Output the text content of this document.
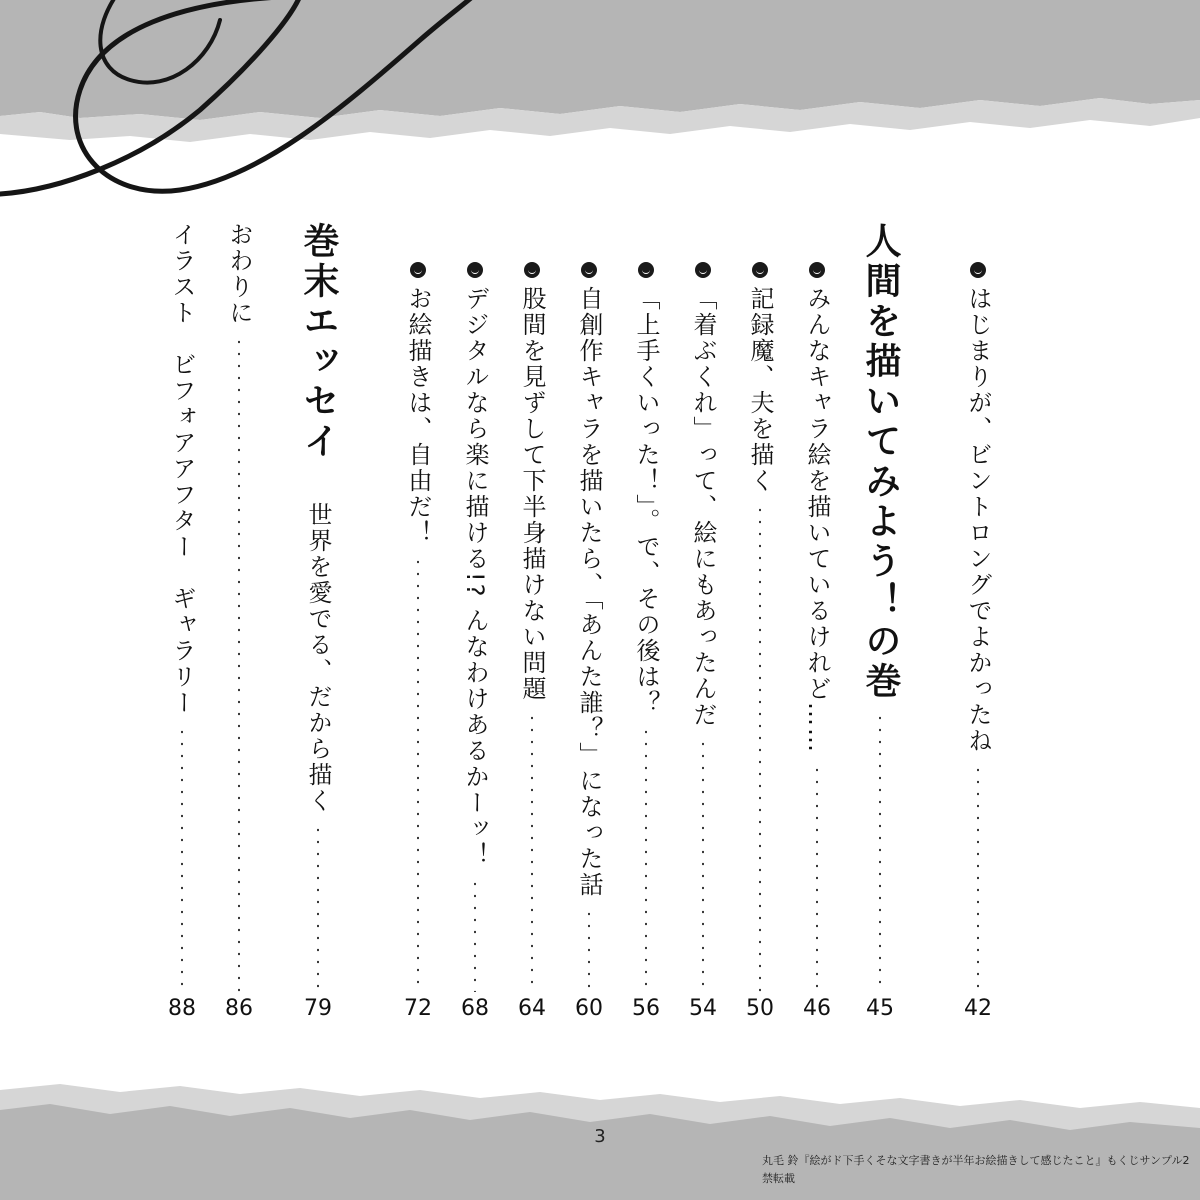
はじまりが、ビントロングでよかったね
42
人間を描いてみよう！の巻
45
みんなキャラ絵を描いているけれど……
46
記録魔、夫を描く
50
「着ぶくれ」って、絵にもあったんだ
54
「上手くいった！」。で、その後は？
56
自創作キャラを描いたら、「あんた誰？」になった話
60
股間を見ずして下半身描けない問題
64
デジタルなら楽に描ける!? んなわけあるかーッ！
68
お絵描きは、自由だ！
72
巻末エッセイ
世界を愛でる、だから描く
79
おわりに
86
イラスト　ビフォアアフター　ギャラリー
88
3
丸毛 鈴『絵がド下手くそな文字書きが半年お絵描きして感じたこと』もくじサンプル2
禁転載
